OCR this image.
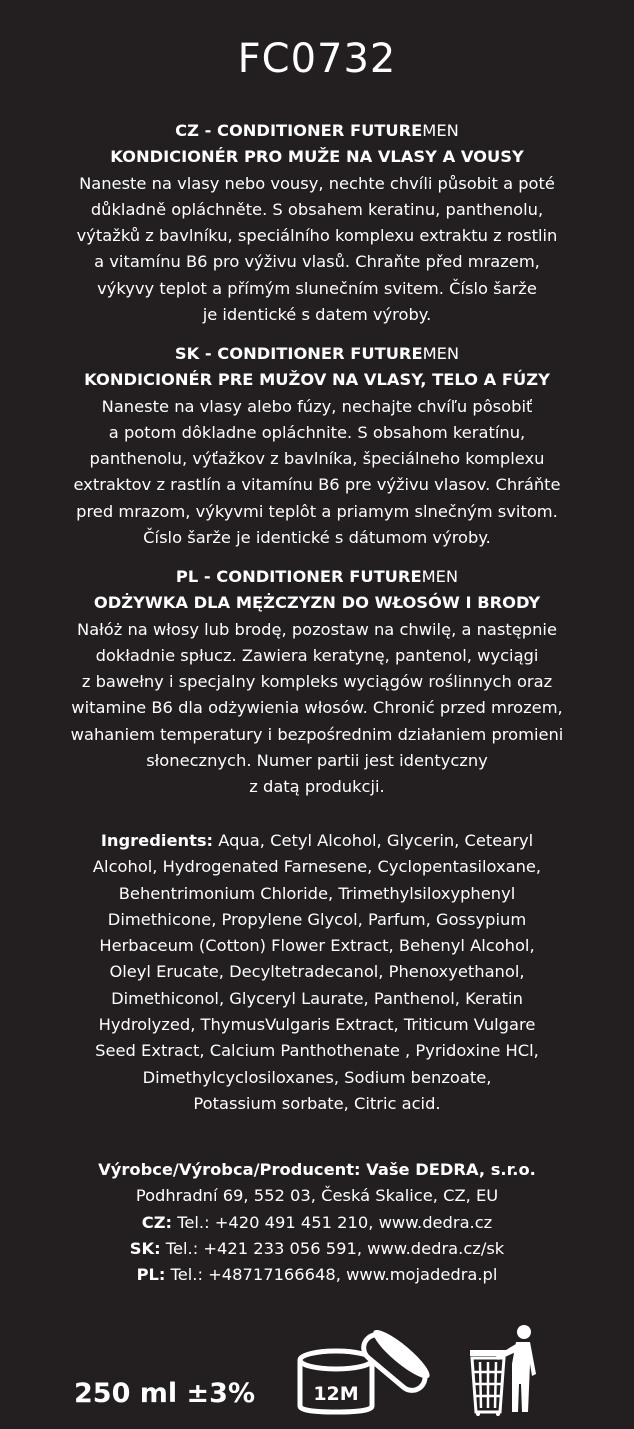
FC0732
CZ - CONDITIONER FUTUREMEN
KONDICIONÉR PRO MUŽE NA VLASY A VOUSY
Naneste na vlasy nebo vousy, nechte chvíli působit a poté
důkladně opláchněte. S obsahem keratinu, panthenolu,
výtažků z bavlníku, speciálního komplexu extraktu z rostlin
a vitamínu B6 pro výživu vlasů. Chraňte před mrazem,
výkyvy teplot a přímým slunečním svitem. Číslo šarže
je identické s datem výroby.
SK - CONDITIONER FUTUREMEN
KONDICIONÉR PRE MUŽOV NA VLASY, TELO A FÚZY
Naneste na vlasy alebo fúzy, nechajte chvíľu pôsobiť
a potom dôkladne opláchnite. S obsahom keratínu,
panthenolu, výťažkov z bavlníka, špeciálneho komplexu
extraktov z rastlín a vitamínu B6 pre výživu vlasov. Chráňte
pred mrazom, výkyvmi teplôt a priamym slnečným svitom.
Číslo šarže je identické s dátumom výroby.
PL - CONDITIONER FUTUREMEN
ODŻYWKA DLA MĘŻCZYZN DO WŁOSÓW I BRODY
Nałóż na włosy lub brodę, pozostaw na chwilę, a następnie
dokładnie spłucz. Zawiera keratynę, pantenol, wyciągi
z bawełny i specjalny kompleks wyciągów roślinnych oraz
witamine B6 dla odżywienia włosów. Chronić przed mrozem,
wahaniem temperatury i bezpośrednim działaniem promieni
słonecznych. Numer partii jest identyczny
z datą produkcji.
Ingredients: Aqua, Cetyl Alcohol, Glycerin, Cetearyl
Alcohol, Hydrogenated Farnesene, Cyclopentasiloxane,
Behentrimonium Chloride, Trimethylsiloxyphenyl
Dimethicone, Propylene Glycol, Parfum, Gossypium
Herbaceum (Cotton) Flower Extract, Behenyl Alcohol,
Oleyl Erucate, Decyltetradecanol, Phenoxyethanol,
Dimethiconol, Glyceryl Laurate, Panthenol, Keratin
Hydrolyzed, ThymusVulgaris Extract, Triticum Vulgare
Seed Extract, Calcium Panthothenate , Pyridoxine HCl,
Dimethylcyclosiloxanes, Sodium benzoate,
Potassium sorbate, Citric acid.
Výrobce/Výrobca/Producent: Vaše DEDRA, s.r.o.
Podhradní 69, 552 03, Česká Skalice, CZ, EU
CZ: Tel.: +420 491 451 210, www.dedra.cz
SK: Tel.: +421 233 056 591, www.dedra.cz/sk
PL: Tel.: +48717166648, www.mojadedra.pl
250 ml ±3%	12M
